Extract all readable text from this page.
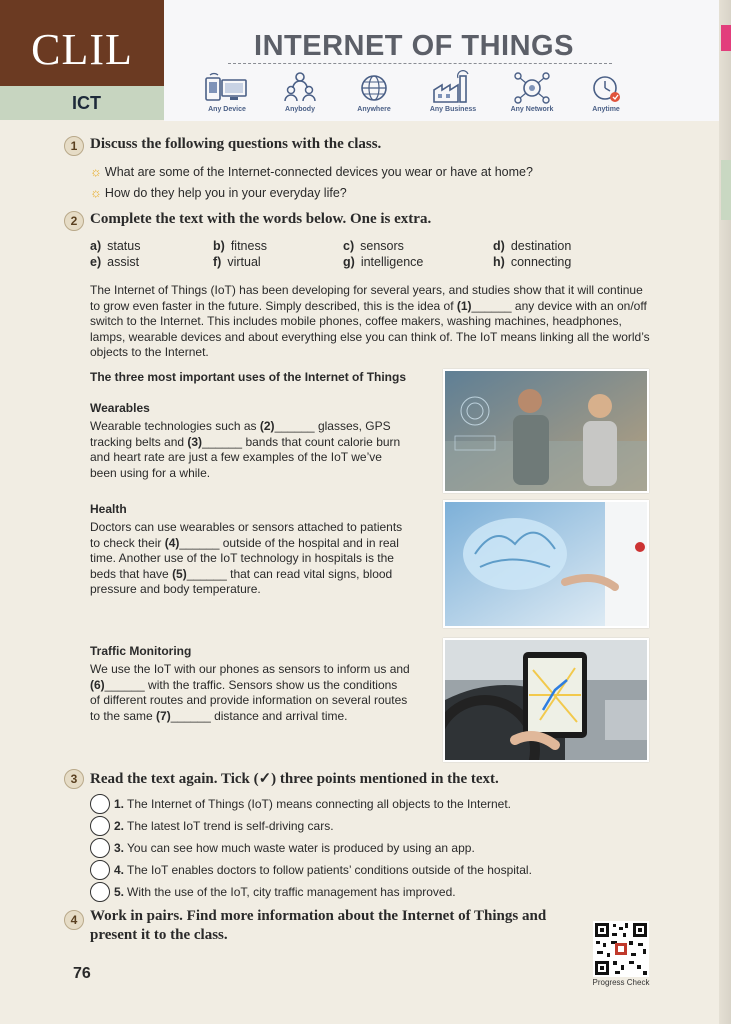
CLIL
ICT
INTERNET OF THINGS
Any Device	Anybody	Anywhere	Any Business	Any Network	Anytime
1 Discuss the following questions with the class.
☼ What are some of the Internet-connected devices you wear or have at home?
☼ How do they help you in your everyday life?
2 Complete the text with the words below. One is extra.
a) status	b) fitness	c) sensors	d) destination
e) assist	f) virtual	g) intelligence	h) connecting
The Internet of Things (IoT) has been developing for several years, and studies show that it will continue to grow even faster in the future. Simply described, this is the idea of (1)______ any device with an on/off switch to the Internet. This includes mobile phones, coffee makers, washing machines, headphones, lamps, wearable devices and about everything else you can think of. The IoT means linking all the world’s objects to the Internet.
The three most important uses of the Internet of Things
Wearables
Wearable technologies such as (2)______ glasses, GPS tracking belts and (3)______ bands that count calorie burn and heart rate are just a few examples of the IoT we’ve been using for a while.
Health
Doctors can use wearables or sensors attached to patients to check their (4)______ outside of the hospital and in real time. Another use of the IoT technology in hospitals is the beds that have (5)______ that can read vital signs, blood pressure and body temperature.
Traffic Monitoring
We use the IoT with our phones as sensors to inform us and (6)______ with the traffic. Sensors show us the conditions of different routes and provide information on several routes to the same (7)______ distance and arrival time.
3 Read the text again. Tick (✓) three points mentioned in the text.
1. The Internet of Things (IoT) means connecting all objects to the Internet.
2. The latest IoT trend is self-driving cars.
3. You can see how much waste water is produced by using an app.
4. The IoT enables doctors to follow patients’ conditions outside of the hospital.
5. With the use of the IoT, city traffic management has improved.
4 Work in pairs. Find more information about the Internet of Things and
present it to the class.
76
Progress Check
